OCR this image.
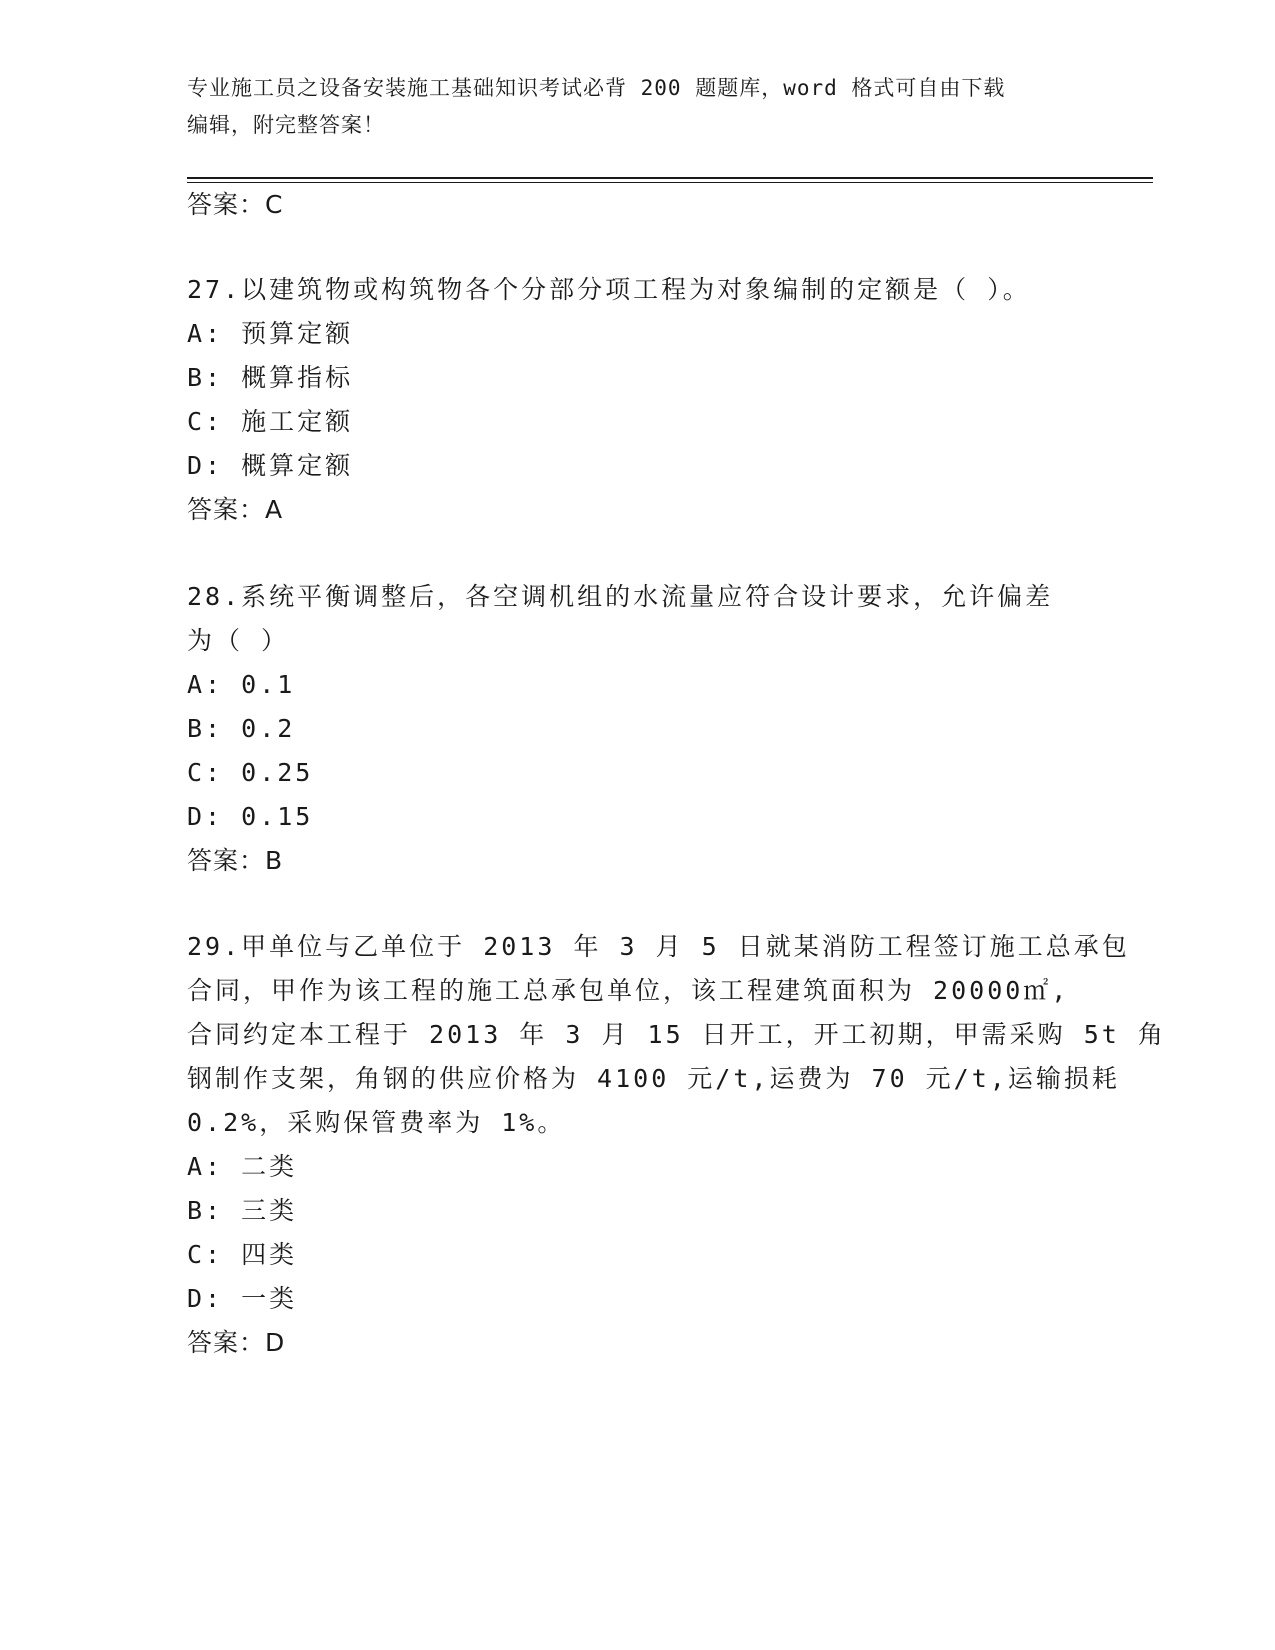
专业施工员之设备安装施工基础知识考试必背 200 题题库，word 格式可自由下载
编辑，附完整答案！
答案：C
27.以建筑物或构筑物各个分部分项工程为对象编制的定额是（ ）。
A: 预算定额
B: 概算指标
C: 施工定额
D: 概算定额
答案：A
28.系统平衡调整后，各空调机组的水流量应符合设计要求，允许偏差
为（ ）
A: 0.1
B: 0.2
C: 0.25
D: 0.15
答案：B
29.甲单位与乙单位于 2013 年 3 月 5 日就某消防工程签订施工总承包
合同，甲作为该工程的施工总承包单位，该工程建筑面积为 20000㎡,
合同约定本工程于 2013 年 3 月 15 日开工，开工初期，甲需采购 5t 角
钢制作支架，角钢的供应价格为 4100 元/t,运费为 70 元/t,运输损耗
0.2%，采购保管费率为 1%。
A: 二类
B: 三类
C: 四类
D: 一类
答案：D
